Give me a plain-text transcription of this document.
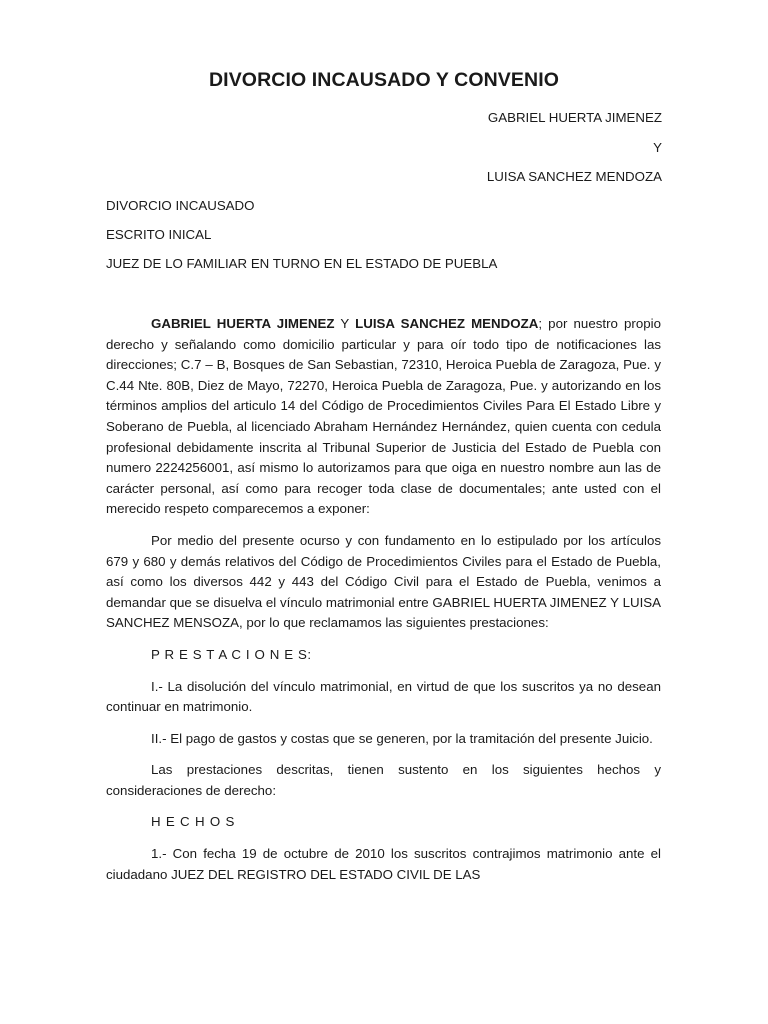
DIVORCIO INCAUSADO Y CONVENIO
GABRIEL HUERTA JIMENEZ
Y
LUISA SANCHEZ MENDOZA
DIVORCIO INCAUSADO
ESCRITO INICAL
JUEZ DE LO FAMILIAR EN TURNO EN EL ESTADO DE PUEBLA

GABRIEL HUERTA JIMENEZ Y LUISA SANCHEZ MENDOZA; por nuestro propio derecho y señalando como domicilio particular y para oír todo tipo de notificaciones las direcciones; C.7 – B, Bosques de San Sebastian, 72310, Heroica Puebla de Zaragoza, Pue. y C.44 Nte. 80B, Diez de Mayo, 72270, Heroica Puebla de Zaragoza, Pue. y autorizando en los términos amplios del articulo 14 del Código de Procedimientos Civiles Para El Estado Libre y Soberano de Puebla, al licenciado Abraham Hernández Hernández, quien cuenta con cedula profesional debidamente inscrita al Tribunal Superior de Justicia del Estado de Puebla con numero 2224256001, así mismo lo autorizamos para que oiga en nuestro nombre aun las de carácter personal, así como para recoger toda clase de documentales; ante usted con el merecido respeto comparecemos a exponer:

Por medio del presente ocurso y con fundamento en lo estipulado por los artículos 679 y 680 y demás relativos del Código de Procedimientos Civiles para el Estado de Puebla, así como los diversos 442 y 443 del Código Civil para el Estado de Puebla, venimos a demandar que se disuelva el vínculo matrimonial entre GABRIEL HUERTA JIMENEZ Y LUISA SANCHEZ MENSOZA, por lo que reclamamos las siguientes prestaciones:

P R E S T A C I O N E S:

I.- La disolución del vínculo matrimonial, en virtud de que los suscritos ya no desean continuar en matrimonio.

II.- El pago de gastos y costas que se generen, por la tramitación del presente Juicio.

Las prestaciones descritas, tienen sustento en los siguientes hechos y consideraciones de derecho:

H E C H O S

1.- Con fecha 19 de octubre de 2010 los suscritos contrajimos matrimonio ante el ciudadano JUEZ DEL REGISTRO DEL ESTADO CIVIL DE LAS
